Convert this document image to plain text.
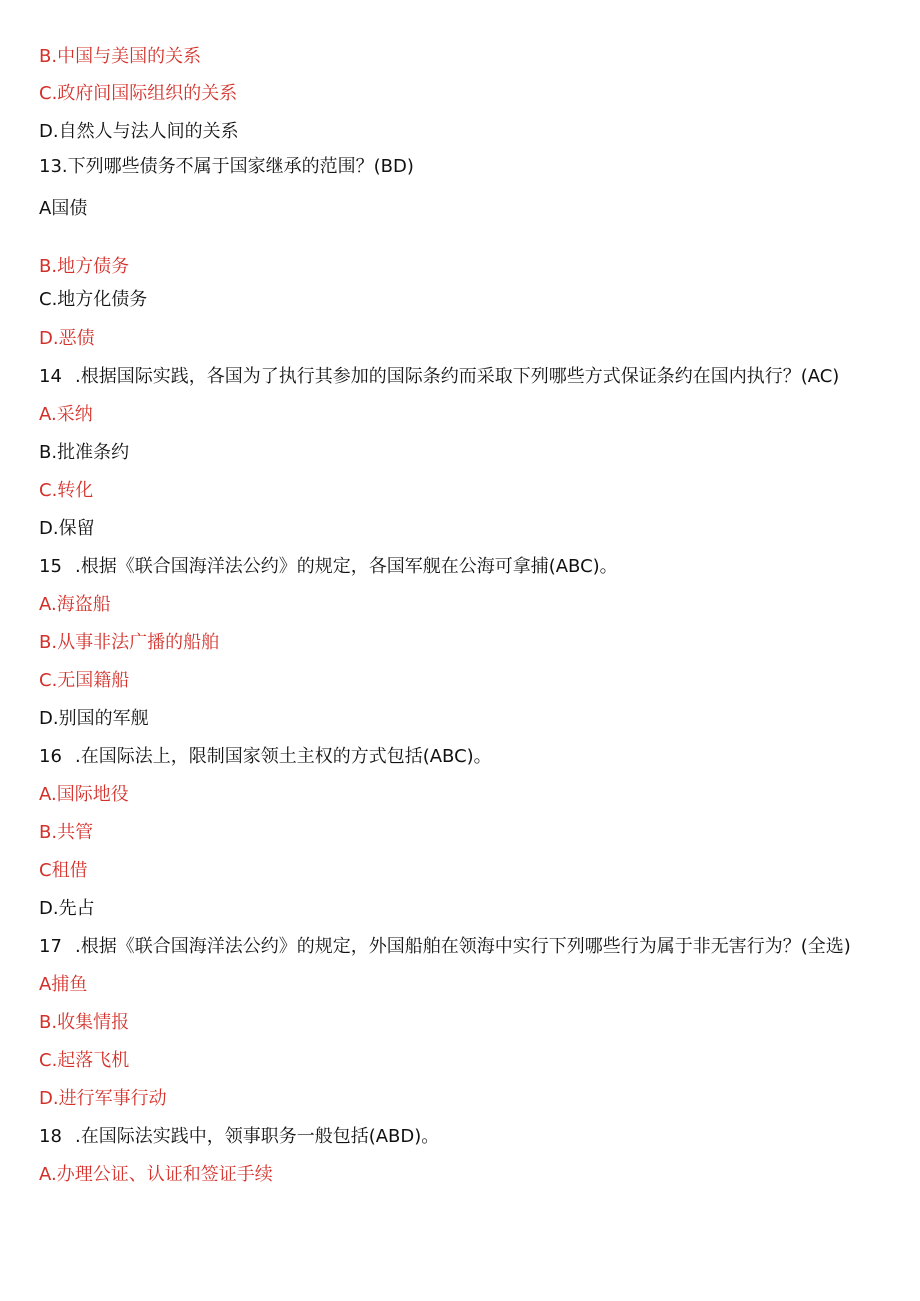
B.中国与美国的关系
C.政府间国际组织的关系
D.自然人与法人间的关系
13.下列哪些债务不属于国家继承的范围？(BD)
A国债
B.地方债务
C.地方化债务
D.恶债
14 .根据国际实践，各国为了执行其参加的国际条约而采取下列哪些方式保证条约在国内执行？(AC)
A.采纳
B.批准条约
C.转化
D.保留
15 .根据《联合国海洋法公约》的规定，各国军舰在公海可拿捕(ABC)。
A.海盗船
B.从事非法广播的船舶
C.无国籍船
D.别国的军舰
16 .在国际法上，限制国家领土主权的方式包括(ABC)。
A.国际地役
B.共管
C租借
D.先占
17 .根据《联合国海洋法公约》的规定，外国船舶在领海中实行下列哪些行为属于非无害行为？(全选)
A捕鱼
B.收集情报
C.起落飞机
D.进行军事行动
18 .在国际法实践中，领事职务一般包括(ABD)。
A.办理公证、认证和签证手续
